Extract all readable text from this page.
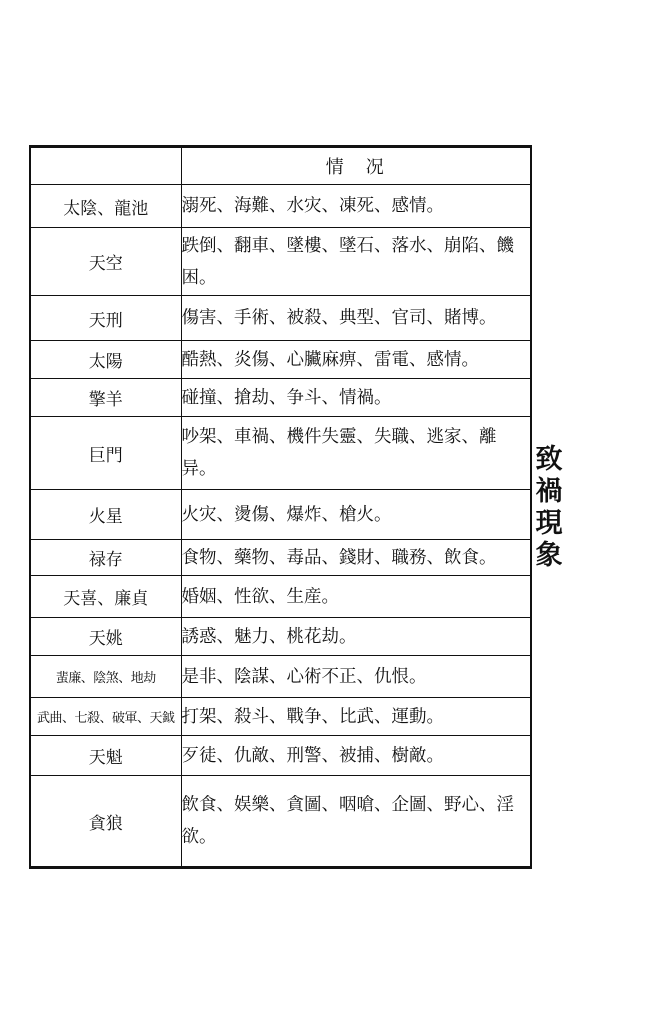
	情　况
太陰、龍池	溺死、海難、水灾、凍死、感情。
天空	跌倒、翻車、墜樓、墜石、落水、崩陷、饑困。
天刑	傷害、手術、被殺、典型、官司、賭博。
太陽	酷熱、炎傷、心臟麻痹、雷電、感情。
擎羊	碰撞、搶劫、争斗、情禍。
巨門	吵架、車禍、機件失靈、失職、逃家、離异。
火星	火灾、燙傷、爆炸、槍火。
禄存	食物、藥物、毒品、錢財、職務、飲食。
天喜、廉貞	婚姻、性欲、生産。
天姚	誘惑、魅力、桃花劫。
蜚廉、陰煞、地劫	是非、陰謀、心術不正、仇恨。
武曲、七殺、破軍、天鉞	打架、殺斗、戰争、比武、運動。
天魁	歹徒、仇敵、刑警、被捕、樹敵。
貪狼	飲食、娱樂、貪圖、咽嗆、企圖、野心、淫欲。
致
禍
現
象
